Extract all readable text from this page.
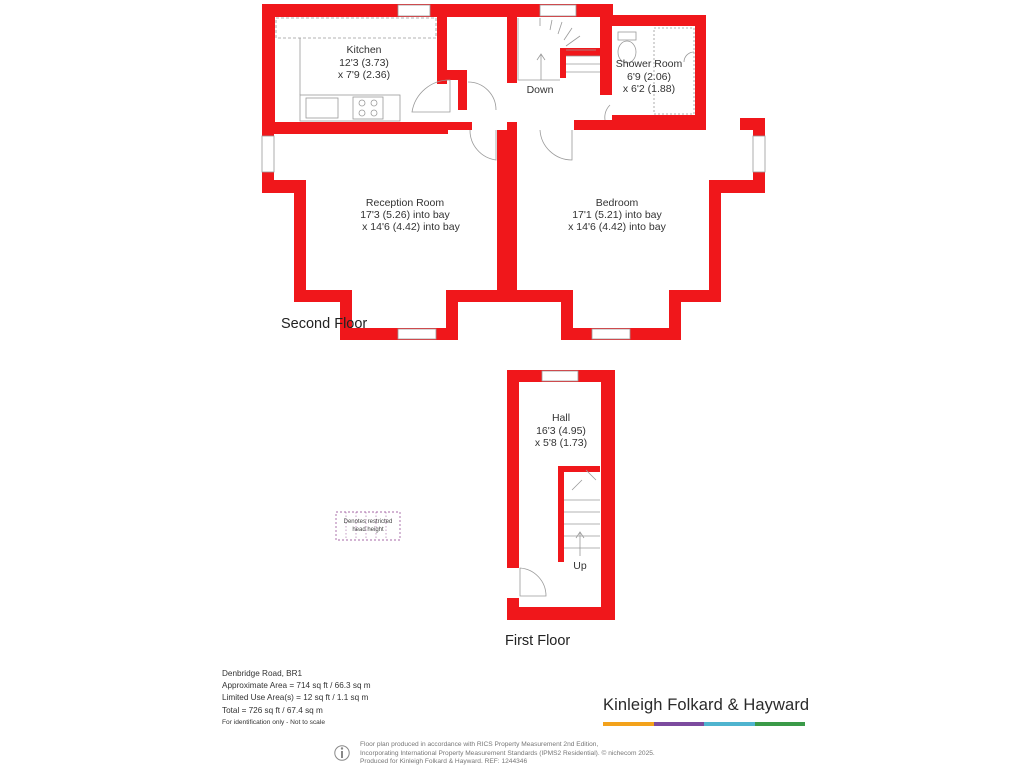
Denotes restricted
head height
Kitchen
12'3 (3.73)
x 7'9 (2.36)
Shower Room
6'9 (2.06)
x 6'2 (1.88)
Down
Reception Room
17'3 (5.26) into bay
x 14'6 (4.42) into bay
Bedroom
17'1 (5.21) into bay
x 14'6 (4.42) into bay
Hall
16'3 (4.95)
x 5'8 (1.73)
Up
Second Floor
First Floor
Denbridge Road, BR1
Approximate Area = 714 sq ft / 66.3 sq m
Limited Use Area(s) = 12 sq ft / 1.1 sq m
Total = 726 sq ft / 67.4 sq m
For identification only - Not to scale
Kinleigh Folkard & Hayward
Floor plan produced in accordance with RICS Property Measurement 2nd Edition,
Incorporating International Property Measurement Standards (IPMS2 Residential). © nichecom 2025.
Produced for Kinleigh Folkard & Hayward. REF: 1244346
